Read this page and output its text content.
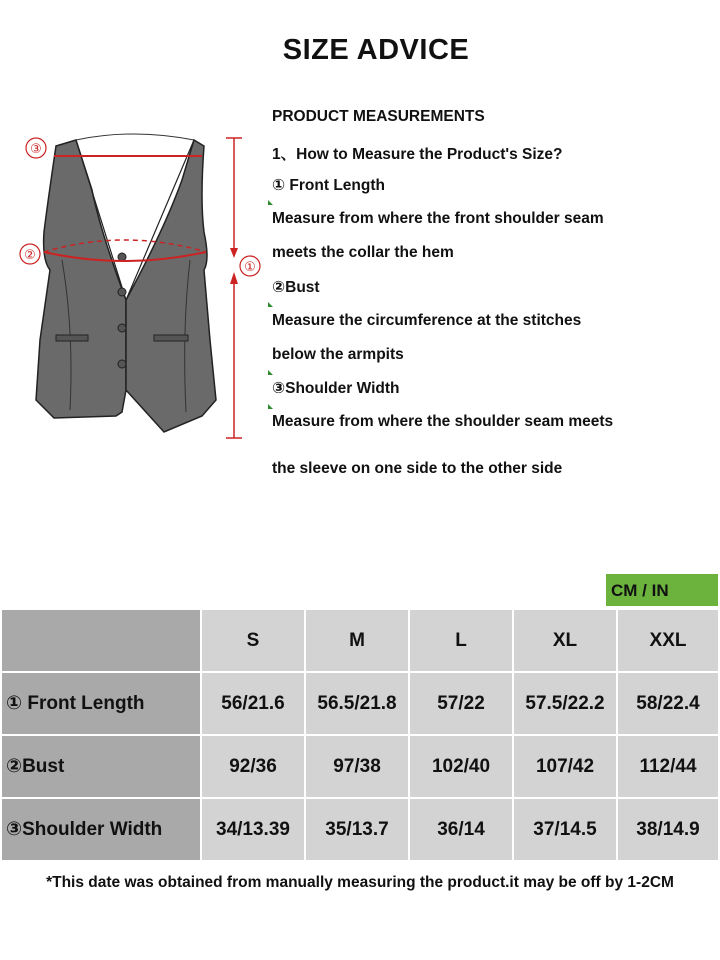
SIZE ADVICE
③
②
①
PRODUCT MEASUREMENTS
1、How to Measure the Product's Size?
① Front Length
Measure from where the front shoulder seam
meets the collar the hem
②Bust
Measure the circumference at the stitches
below the armpits
③Shoulder Width
Measure from where the shoulder seam meets
the sleeve on one side to the other side
CM / IN
	S	M	L	XL	XXL
① Front Length	56/21.6	56.5/21.8	57/22	57.5/22.2	58/22.4
②Bust	92/36	97/38	102/40	107/42	112/44
③Shoulder Width	34/13.39	35/13.7	36/14	37/14.5	38/14.9
*This date was obtained from manually measuring the product.it may be off by 1-2CM
